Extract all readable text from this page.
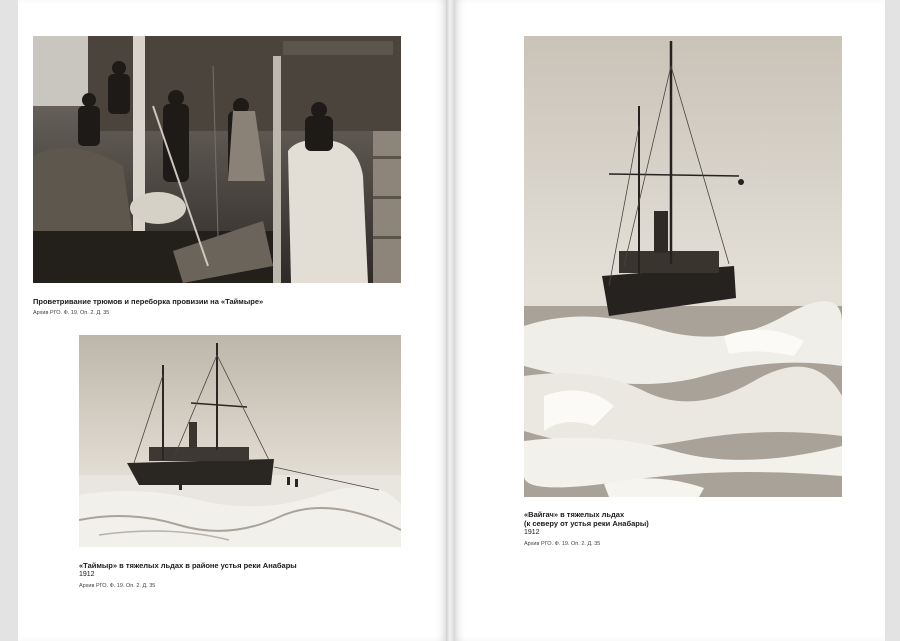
Проветривание трюмов и переборка провизии на «Таймыре»
Архив РГО. Ф. 19. Оп. 2. Д. 35
«Таймыр» в тяжелых льдах в районе устья реки Анабары
1912
Архив РГО. Ф. 19. Оп. 2. Д. 35
«Вайгач» в тяжелых льдах
(к северу от устья реки Анабары)
1912
Архив РГО. Ф. 19. Оп. 2. Д. 35
